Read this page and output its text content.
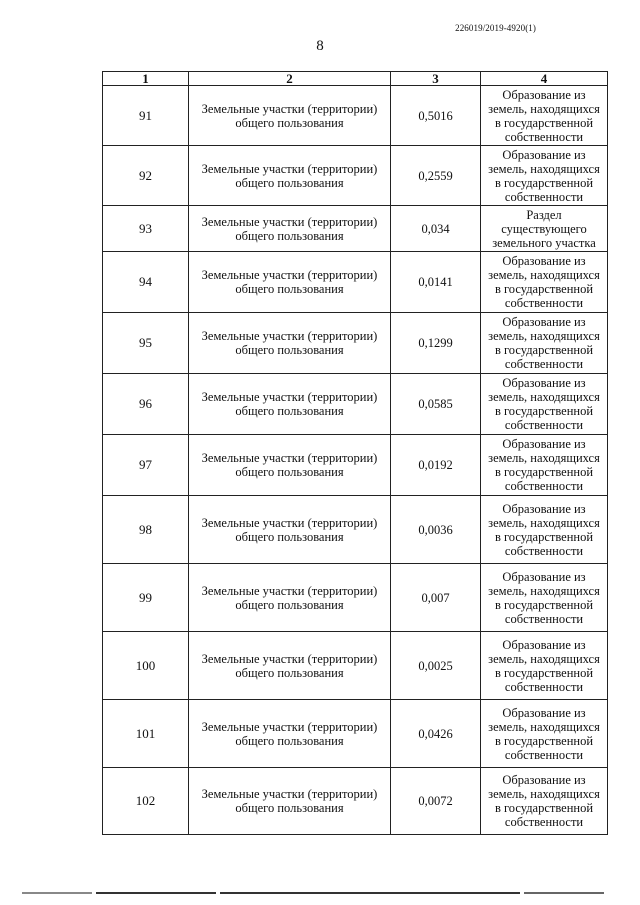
226019/2019-4920(1)
8
1	2	3	4
91	Земельные участки (территории) общего пользования	0,5016	Образование из земель, находящихся в государственной собственности
92	Земельные участки (территории) общего пользования	0,2559	Образование из земель, находящихся в государственной собственности
93	Земельные участки (территории) общего пользования	0,034	Раздел существующего земельного участка
94	Земельные участки (территории) общего пользования	0,0141	Образование из земель, находящихся в государственной собственности
95	Земельные участки (территории) общего пользования	0,1299	Образование из земель, находящихся в государственной собственности
96	Земельные участки (территории) общего пользования	0,0585	Образование из земель, находящихся в государственной собственности
97	Земельные участки (территории) общего пользования	0,0192	Образование из земель, находящихся в государственной собственности
98	Земельные участки (территории) общего пользования	0,0036	Образование из земель, находящихся в государственной собственности
99	Земельные участки (территории) общего пользования	0,007	Образование из земель, находящихся в государственной собственности
100	Земельные участки (территории) общего пользования	0,0025	Образование из земель, находящихся в государственной собственности
101	Земельные участки (территории) общего пользования	0,0426	Образование из земель, находящихся в государственной собственности
102	Земельные участки (территории) общего пользования	0,0072	Образование из земель, находящихся в государственной собственности
